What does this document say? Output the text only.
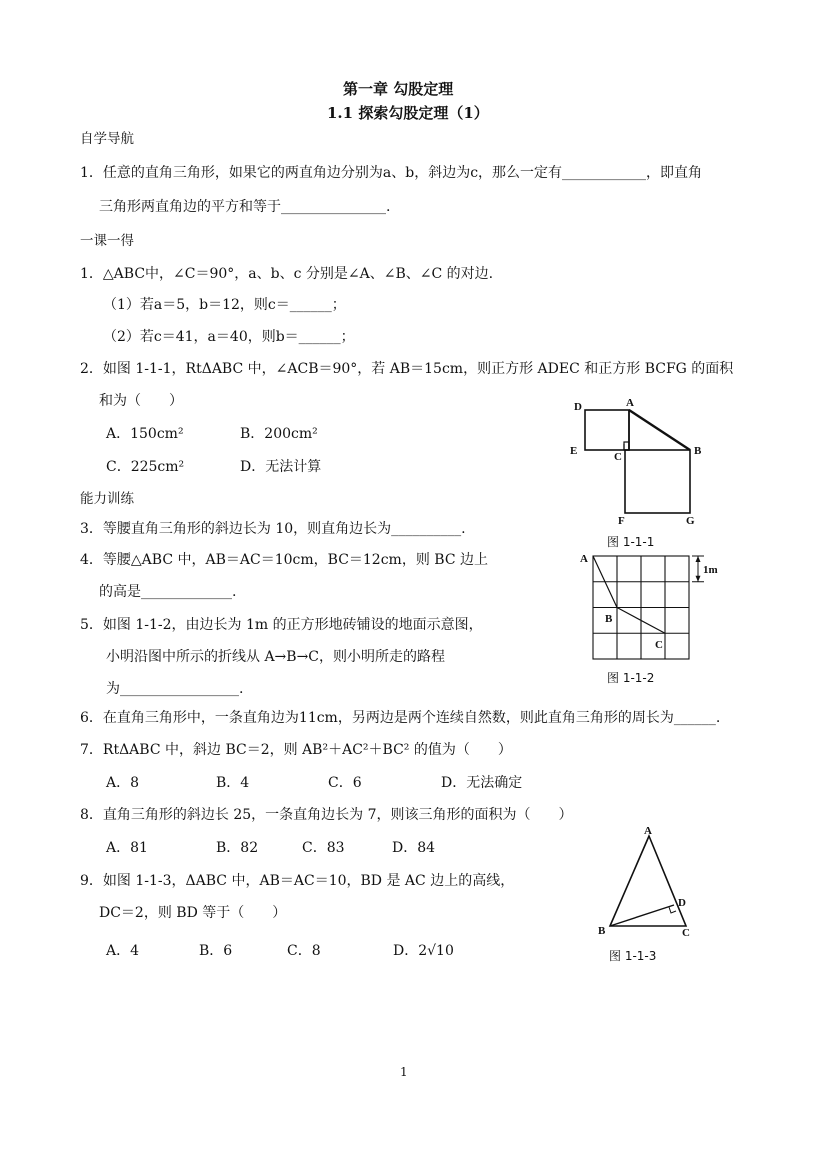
第一章 勾股定理
1.1 探索勾股定理（1）
自学导航
1．任意的直角三角形，如果它的两直角边分别为a、b，斜边为c，那么一定有____________，即直角
三角形两直角边的平方和等于_______________.
一课一得
1．△ABC中，∠C＝90°，a、b、c 分别是∠A、∠B、∠C 的对边.
（1）若a＝5，b＝12，则c＝______；
（2）若c＝41，a＝40，则b＝______；
2．如图 1-1-1，RtΔABC 中，∠ACB＝90°，若 AB＝15cm，则正方形 ADEC 和正方形 BCFG 的面积
和为（　　）
A．150cm²	B．200cm²
C．225cm²	D．无法计算
能力训练
3．等腰直角三角形的斜边长为 10，则直角边长为__________.
4．等腰△ABC 中，AB＝AC＝10cm，BC＝12cm，则 BC 边上
的高是_____________.
5．如图 1-1-2，由边长为 1m 的正方形地砖铺设的地面示意图，
小明沿图中所示的折线从 A→B→C，则小明所走的路程
为_________________.
6．在直角三角形中，一条直角边为11cm，另两边是两个连续自然数，则此直角三角形的周长为______.
7．RtΔABC 中，斜边 BC＝2，则 AB²＋AC²＋BC² 的值为（　　）
A．8	B．4	C．6	D．无法确定
8．直角三角形的斜边长 25，一条直角边长为 7，则该三角形的面积为（　　）
A．81	B．82	C．83	D．84
9．如图 1-1-3，ΔABC 中，AB＝AC＝10，BD 是 AC 边上的高线，
DC＝2，则 BD 等于（　　）
A．4	B．6	C．8	D．2√10
D	A
E	C	B
F	G
图 1-1-1
A
B
C
1m
图 1-1-2
A
B	C
D
图 1-1-3
1
